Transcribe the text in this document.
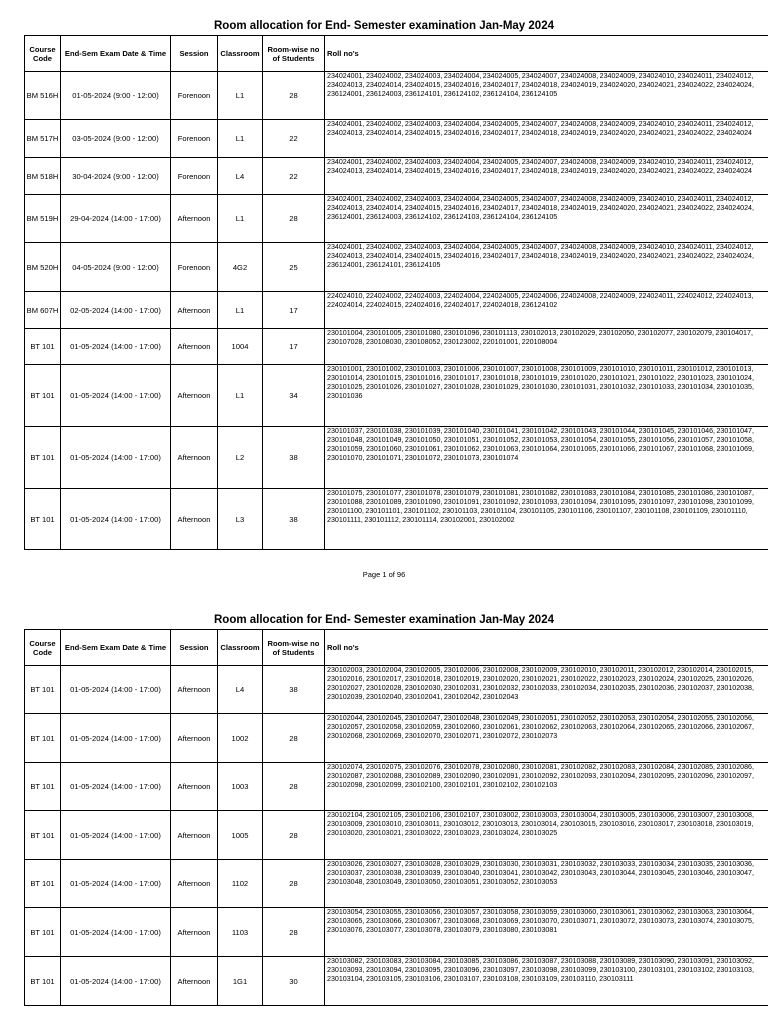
Room allocation for End- Semester examination Jan-May 2024
Course Code	End-Sem Exam Date & Time	Session	Classroom	Room-wise no of Students	Roll no's
BM 516H	01-05-2024 (9:00 - 12:00)	Forenoon	L1	28	234024001, 234024002, 234024003, 234024004, 234024005, 234024007, 234024008, 234024009, 234024010, 234024011, 234024012, 234024013, 234024014, 234024015, 234024016, 234024017, 234024018, 234024019, 234024020, 234024021, 234024022, 234024024, 236124001, 236124003, 236124101, 236124102, 236124104, 236124105
BM 517H	03-05-2024 (9:00 - 12:00)	Forenoon	L1	22	234024001, 234024002, 234024003, 234024004, 234024005, 234024007, 234024008, 234024009, 234024010, 234024011, 234024012, 234024013, 234024014, 234024015, 234024016, 234024017, 234024018, 234024019, 234024020, 234024021, 234024022, 234024024
BM 518H	30-04-2024 (9:00 - 12:00)	Forenoon	L4	22	234024001, 234024002, 234024003, 234024004, 234024005, 234024007, 234024008, 234024009, 234024010, 234024011, 234024012, 234024013, 234024014, 234024015, 234024016, 234024017, 234024018, 234024019, 234024020, 234024021, 234024022, 234024024
BM 519H	29-04-2024 (14:00 - 17:00)	Afternoon	L1	28	234024001, 234024002, 234024003, 234024004, 234024005, 234024007, 234024008, 234024009, 234024010, 234024011, 234024012, 234024013, 234024014, 234024015, 234024016, 234024017, 234024018, 234024019, 234024020, 234024021, 234024022, 234024024, 236124001, 236124003, 236124102, 236124103, 236124104, 236124105
BM 520H	04-05-2024 (9:00 - 12:00)	Forenoon	4G2	25	234024001, 234024002, 234024003, 234024004, 234024005, 234024007, 234024008, 234024009, 234024010, 234024011, 234024012, 234024013, 234024014, 234024015, 234024016, 234024017, 234024018, 234024019, 234024020, 234024021, 234024022, 234024024, 236124001, 236124101, 236124105
BM 607H	02-05-2024 (14:00 - 17:00)	Afternoon	L1	17	224024010, 224024002, 224024003, 224024004, 224024005, 224024006, 224024008, 224024009, 224024011, 224024012, 224024013, 224024014, 224024015, 224024016, 224024017, 224024018, 236124102
BT 101	01-05-2024 (14:00 - 17:00)	Afternoon	1004	17	230101004, 230101005, 230101080, 230101096, 230101113, 230102013, 230102029, 230102050, 230102077, 230102079, 230104017, 230107028, 230108030, 230108052, 230123002, 220101001, 220108004
BT 101	01-05-2024 (14:00 - 17:00)	Afternoon	L1	34	230101001, 230101002, 230101003, 230101006, 230101007, 230101008, 230101009, 230101010, 230101011, 230101012, 230101013, 230101014, 230101015, 230101016, 230101017, 230101018, 230101019, 230101020, 230101021, 230101022, 230101023, 230101024, 230101025, 230101026, 230101027, 230101028, 230101029, 230101030, 230101031, 230101032, 230101033, 230101034, 230101035, 230101036
BT 101	01-05-2024 (14:00 - 17:00)	Afternoon	L2	38	230101037, 230101038, 230101039, 230101040, 230101041, 230101042, 230101043, 230101044, 230101045, 230101046, 230101047, 230101048, 230101049, 230101050, 230101051, 230101052, 230101053, 230101054, 230101055, 230101056, 230101057, 230101058, 230101059, 230101060, 230101061, 230101062, 230101063, 230101064, 230101065, 230101066, 230101067, 230101068, 230101069, 230101070, 230101071, 230101072, 230101073, 230101074
BT 101	01-05-2024 (14:00 - 17:00)	Afternoon	L3	38	230101075, 230101077, 230101078, 230101079, 230101081, 230101082, 230101083, 230101084, 230101085, 230101086, 230101087, 230101088, 230101089, 230101090, 230101091, 230101092, 230101093, 230101094, 230101095, 230101097, 230101098, 230101099, 230101100, 230101101, 230101102, 230101103, 230101104, 230101105, 230101106, 230101107, 230101108, 230101109, 230101110, 230101111, 230101112, 230101114, 230102001, 230102002
Page 1 of 96
Room allocation for End- Semester examination Jan-May 2024
Course Code	End-Sem Exam Date & Time	Session	Classroom	Room-wise no of Students	Roll no's
BT 101	01-05-2024 (14:00 - 17:00)	Afternoon	L4	38	230102003, 230102004, 230102005, 230102006, 230102008, 230102009, 230102010, 230102011, 230102012, 230102014, 230102015, 230102016, 230102017, 230102018, 230102019, 230102020, 230102021, 230102022, 230102023, 230102024, 230102025, 230102026, 230102027, 230102028, 230102030, 230102031, 230102032, 230102033, 230102034, 230102035, 230102036, 230102037, 230102038, 230102039, 230102040, 230102041, 230102042, 230102043
BT 101	01-05-2024 (14:00 - 17:00)	Afternoon	1002	28	230102044, 230102045, 230102047, 230102048, 230102049, 230102051, 230102052, 230102053, 230102054, 230102055, 230102056, 230102057, 230102058, 230102059, 230102060, 230102061, 230102062, 230102063, 230102064, 230102065, 230102066, 230102067, 230102068, 230102069, 230102070, 230102071, 230102072, 230102073
BT 101	01-05-2024 (14:00 - 17:00)	Afternoon	1003	28	230102074, 230102075, 230102076, 230102078, 230102080, 230102081, 230102082, 230102083, 230102084, 230102085, 230102086, 230102087, 230102088, 230102089, 230102090, 230102091, 230102092, 230102093, 230102094, 230102095, 230102096, 230102097, 230102098, 230102099, 230102100, 230102101, 230102102, 230102103
BT 101	01-05-2024 (14:00 - 17:00)	Afternoon	1005	28	230102104, 230102105, 230102106, 230102107, 230103002, 230103003, 230103004, 230103005, 230103006, 230103007, 230103008, 230103009, 230103010, 230103011, 230103012, 230103013, 230103014, 230103015, 230103016, 230103017, 230103018, 230103019, 230103020, 230103021, 230103022, 230103023, 230103024, 230103025
BT 101	01-05-2024 (14:00 - 17:00)	Afternoon	1102	28	230103026, 230103027, 230103028, 230103029, 230103030, 230103031, 230103032, 230103033, 230103034, 230103035, 230103036, 230103037, 230103038, 230103039, 230103040, 230103041, 230103042, 230103043, 230103044, 230103045, 230103046, 230103047, 230103048, 230103049, 230103050, 230103051, 230103052, 230103053
BT 101	01-05-2024 (14:00 - 17:00)	Afternoon	1103	28	230103054, 230103055, 230103056, 230103057, 230103058, 230103059, 230103060, 230103061, 230103062, 230103063, 230103064, 230103065, 230103066, 230103067, 230103068, 230103069, 230103070, 230103071, 230103072, 230103073, 230103074, 230103075, 230103076, 230103077, 230103078, 230103079, 230103080, 230103081
BT 101	01-05-2024 (14:00 - 17:00)	Afternoon	1G1	30	230103082, 230103083, 230103084, 230103085, 230103086, 230103087, 230103088, 230103089, 230103090, 230103091, 230103092, 230103093, 230103094, 230103095, 230103096, 230103097, 230103098, 230103099, 230103100, 230103101, 230103102, 230103103, 230103104, 230103105, 230103106, 230103107, 230103108, 230103109, 230103110, 230103111
